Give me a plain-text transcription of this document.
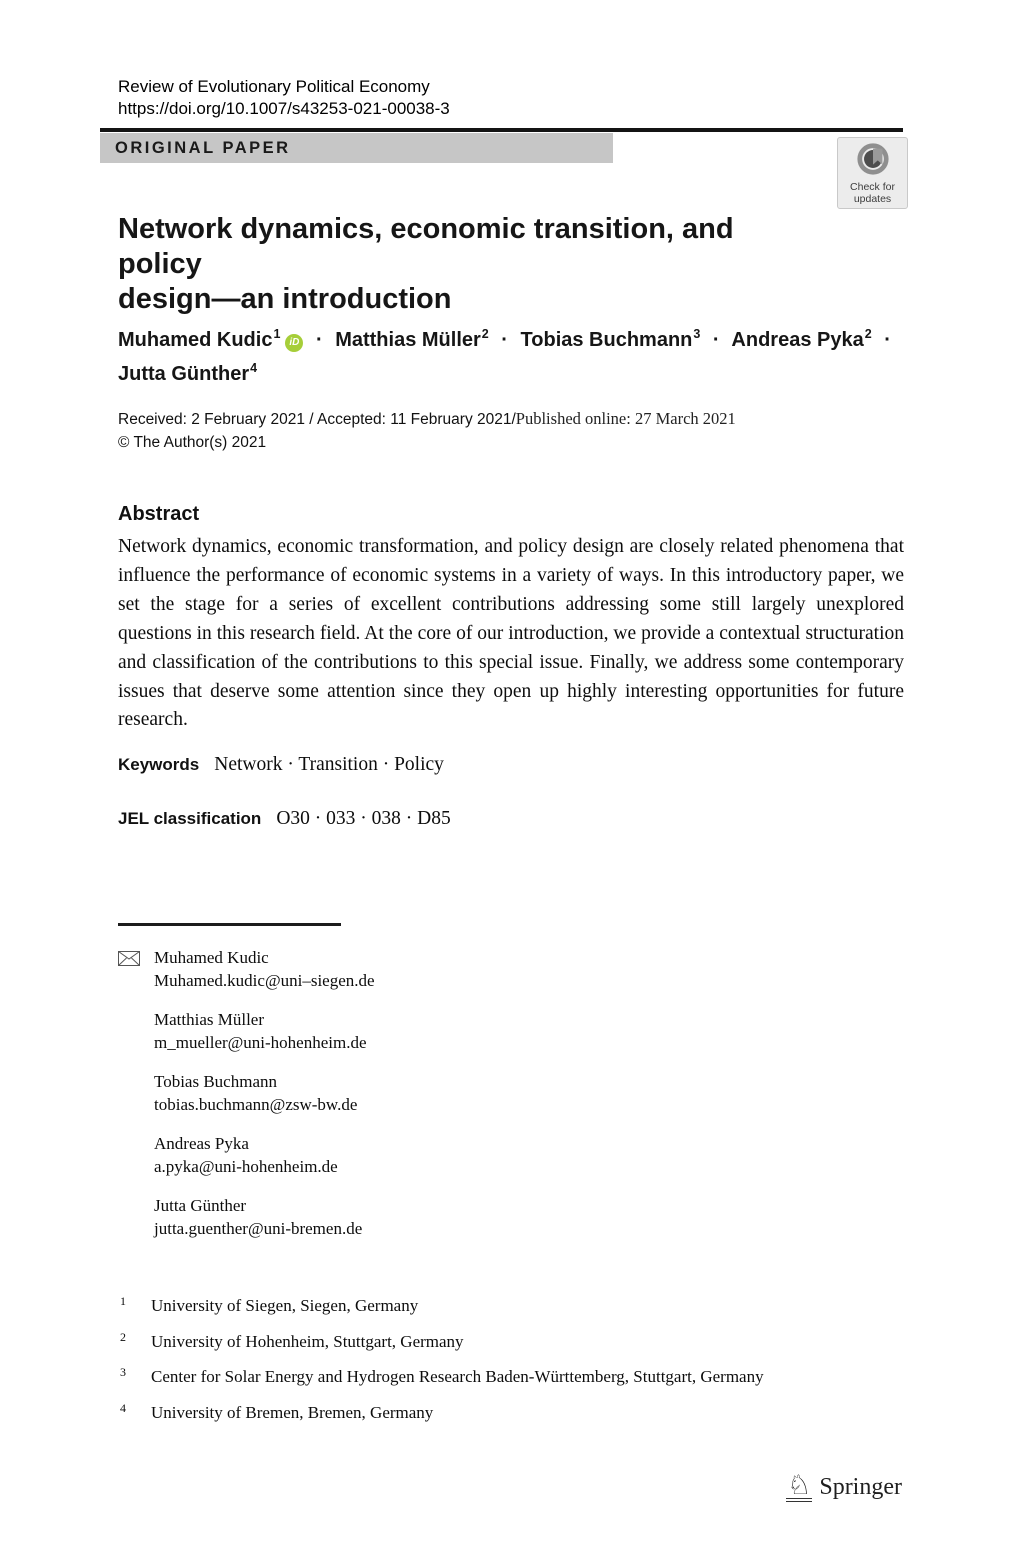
Review of Evolutionary Political Economy
https://doi.org/10.1007/s43253-021-00038-3
ORIGINAL PAPER
Check for
updates
Network dynamics, economic transition, and policy
design—an introduction
Muhamed Kudic$^1$iD · Matthias Müller$^2$ · Tobias Buchmann$^3$ · Andreas Pyka$^2$ ·
Jutta Günther$^4$
Received: 2 February 2021 / Accepted: 11 February 2021/Published online: 27 March 2021
© The Author(s) 2021
Abstract
Network dynamics, economic transformation, and policy design are closely related phenomena that influence the performance of economic systems in a variety of ways. In this introductory paper, we set the stage for a series of excellent contributions addressing some still largely unexplored questions in this research field. At the core of our introduction, we provide a contextual structuration and classification of the contributions to this special issue. Finally, we address some contemporary issues that deserve some attention since they open up highly interesting opportunities for future research.
Keywords Network · Transition · Policy
JEL classification O30 · 033 · 038 · D85
Muhamed Kudic
Muhamed.kudic@uni–siegen.de
Matthias Müller
m_mueller@uni-hohenheim.de
Tobias Buchmann
tobias.buchmann@zsw-bw.de
Andreas Pyka
a.pyka@uni-hohenheim.de
Jutta Günther
jutta.guenther@uni-bremen.de
1 University of Siegen, Siegen, Germany
2 University of Hohenheim, Stuttgart, Germany
3 Center for Solar Energy and Hydrogen Research Baden-Württemberg, Stuttgart, Germany
4 University of Bremen, Bremen, Germany
♘ Springer
